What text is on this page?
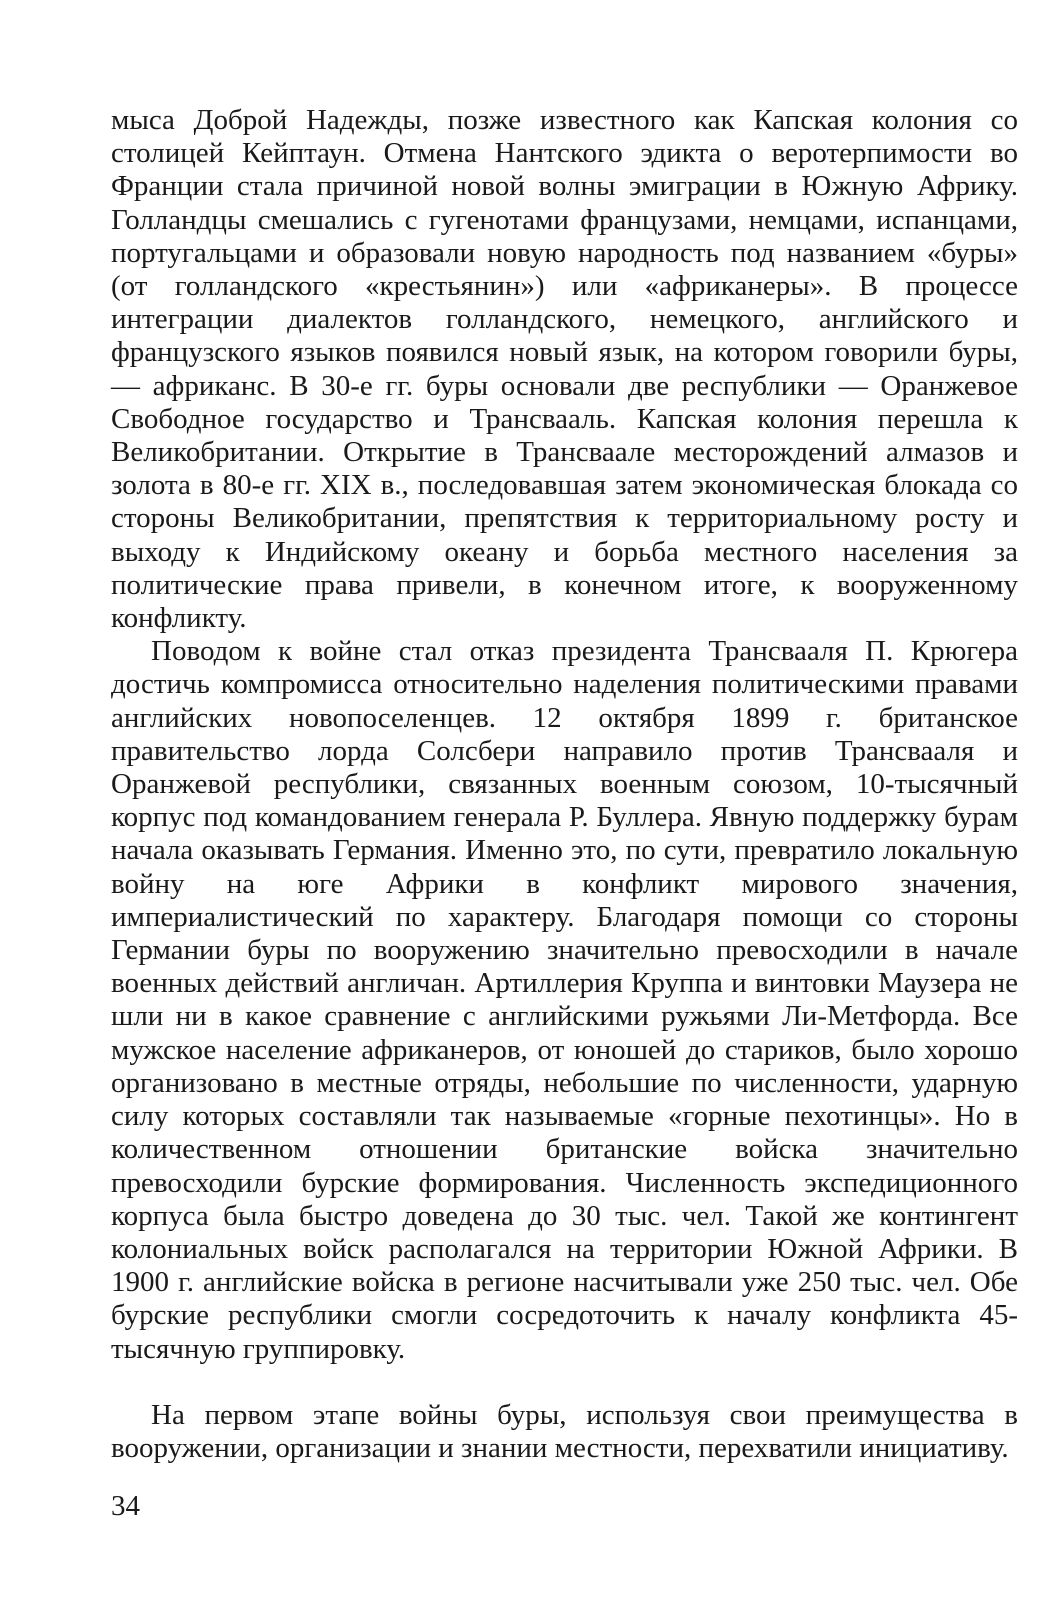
мыса Доброй Надежды, позже известного как Капская колония со столицей Кейптаун. Отмена Нантского эдикта о веротерпимости во Франции стала причиной новой волны эмиграции в Южную Африку. Голландцы смешались с гугенотами французами, немцами, испанцами, португальцами и образовали новую народность под названием «буры» (от голландского «крестьянин») или «африканеры». В процессе интеграции диалектов голландского, немецкого, английского и французского языков появился новый язык, на котором говорили буры, — африканс. В 30-е гг. буры основали две республики — Оранжевое Свободное государство и Трансвааль. Капская колония перешла к Великобритании. Открытие в Трансваале месторождений алмазов и золота в 80-е гг. XIX в., последовавшая затем экономическая блокада со стороны Великобритании, препятствия к территориальному росту и выходу к Индийскому океану и борьба местного населения за политические права привели, в конечном итоге, к вооруженному конфликту.

Поводом к войне стал отказ президента Трансвааля П. Крюгера достичь компромисса относительно наделения политическими правами английских новопоселенцев. 12 октября 1899 г. британское правительство лорда Солсбери направило против Трансвааля и Оранжевой республики, связанных военным союзом, 10-тысячный корпус под командованием генерала Р. Буллера. Явную поддержку бурам начала оказывать Германия. Именно это, по сути, превратило локальную войну на юге Африки в конфликт мирового значения, империалистический по характеру. Благодаря помощи со стороны Германии буры по вооружению значительно превосходили в начале военных действий англичан. Артиллерия Круппа и винтовки Маузера не шли ни в какое сравнение с английскими ружьями Ли-Метфорда. Все мужское население африканеров, от юношей до стариков, было хорошо организовано в местные отряды, небольшие по численности, ударную силу которых составляли так называемые «горные пехотинцы». Но в количественном отношении британские войска значительно превосходили бурские формирования. Численность экспедиционного корпуса была быстро доведена до 30 тыс. чел. Такой же контингент колониальных войск располагался на территории Южной Африки. В 1900 г. английские войска в регионе насчитывали уже 250 тыс. чел. Обе бурские республики смогли сосредоточить к началу конфликта 45-тысячную группировку.

На первом этапе войны буры, используя свои преимущества в вооружении, организации и знании местности, перехватили инициативу.

34
